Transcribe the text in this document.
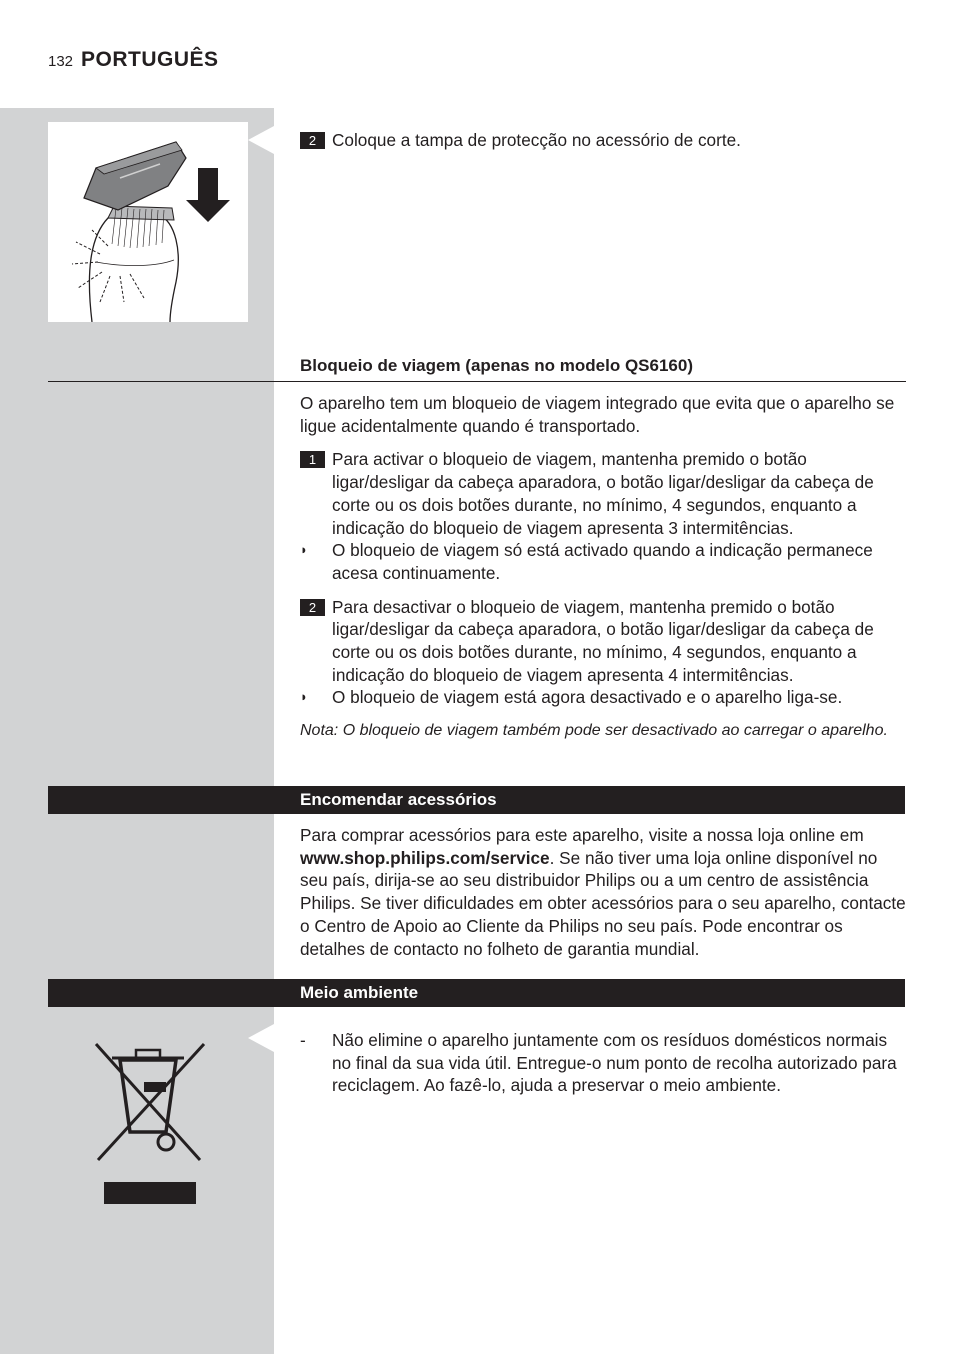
132 PORTUGUÊS
2 Coloque a tampa de protecção no acessório de corte.
Bloqueio de viagem (apenas no modelo QS6160)
O aparelho tem um bloqueio de viagem integrado que evita que o aparelho se ligue acidentalmente quando é transportado.
1 Para activar o bloqueio de viagem, mantenha premido o botão ligar/desligar da cabeça aparadora, o botão ligar/desligar da cabeça de corte ou os dois botões durante, no mínimo, 4 segundos, enquanto a indicação do bloqueio de viagem apresenta 3 intermitências.
◗ O bloqueio de viagem só está activado quando a indicação permanece acesa continuamente.
2 Para desactivar o bloqueio de viagem, mantenha premido o botão ligar/desligar da cabeça aparadora, o botão ligar/desligar da cabeça de corte ou os dois botões durante, no mínimo, 4 segundos, enquanto a indicação do bloqueio de viagem apresenta 4 intermitências.
◗ O bloqueio de viagem está agora desactivado e o aparelho liga-se.
Nota: O bloqueio de viagem também pode ser desactivado ao carregar o aparelho.
Encomendar acessórios
Para comprar acessórios para este aparelho, visite a nossa loja online em www.shop.philips.com/service. Se não tiver uma loja online disponível no seu país, dirija-se ao seu distribuidor Philips ou a um centro de assistência Philips. Se tiver dificuldades em obter acessórios para o seu aparelho, contacte o Centro de Apoio ao Cliente da Philips no seu país. Pode encontrar os detalhes de contacto no folheto de garantia mundial.
Meio ambiente
- Não elimine o aparelho juntamente com os resíduos domésticos normais no final da sua vida útil. Entregue-o num ponto de recolha autorizado para reciclagem. Ao fazê-lo, ajuda a preservar o meio ambiente.
